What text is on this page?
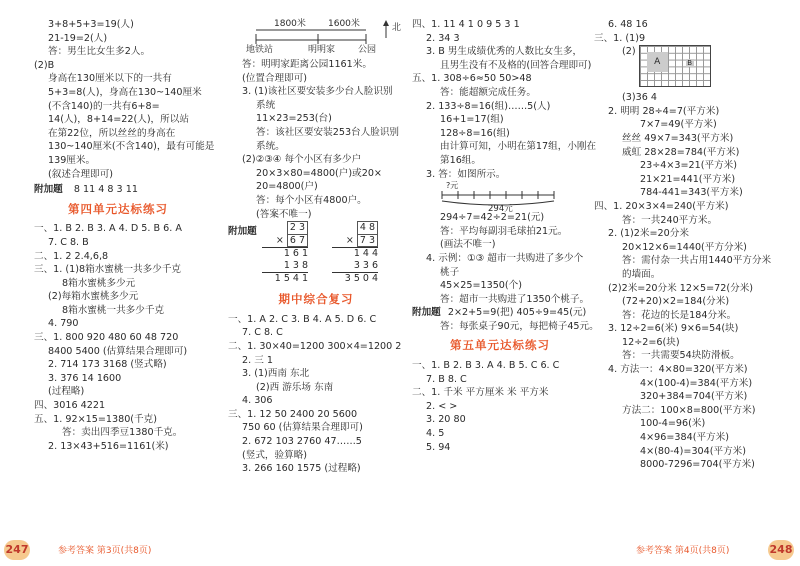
3+8+5+3=19(人)
21-19=2(人)
答：男生比女生多2人。
(2)B
身高在130厘米以下的一共有
5+3=8(人)，身高在130~140厘米
(不含140)的一共有6+8=
14(人)，8+14=22(人)，所以站
在第22位，所以丝丝的身高在
130~140厘米(不含140)，最有可能是
139厘米。
(叙述合理即可)
附加题 8 11 4 8 3 11
第四单元达标练习
一、1. B 2. B 3. A 4. D 5. B 6. A
7. C 8. B
二、1. 2 2.4,6,8
三、1. (1)8箱水蜜桃一共多少千克
8箱水蜜桃多少元
(2)每箱水蜜桃多少元
8箱水蜜桃一共多少千克
4. 790
三、1. 800 920 480 60 48 720
8400 5400 (估算结果合理即可)
2. 714 173 3168 (竖式略)
3. 376 14 1600
(过程略)
四、3016 4221
五、1. 92×15=1380(千克)
答：卖出四季豆1380千克。
2. 13×43+516=1161(米)
1800米 1600米	北
地铁站	明明家	公园
答：明明家距离公园1161米。
(位置合理即可)
3. (1)该社区要安装多少台人脸识别
系统
11×23=253(台)
答：该社区要安装253台人脸识别
系统。
(2)②③④ 每个小区有多少户
20×3×80=4800(户)或20×
20=4800(户)
答：每个小区有4800户。
(答案不唯一)
附加题	2 3
× 6 7
1 6 1
1 3 8
1 5 4 1
4 8
× 7 3
1 4 4
3 3 6
3 5 0 4
期中综合复习
一、1. A 2. C 3. B 4. A 5. D 6. C
7. C 8. C
二、1. 30×40=1200 300×4=1200 2
2. 三 1
3. (1)西南 东北
(2)西 游乐场 东南
4. 306
三、1. 12 50 2400 20 5600
750 60 (估算结果合理即可)
2. 672 103 2760 47……5
(竖式，验算略)
3. 266 160 1575 (过程略)
四、1. 11 4 1 0 9 5 3 1
2. 34 3
3. B 男生成绩优秀的人数比女生多，
且男生没有不及格的(回答合理即可)
五、1. 308÷6≈50 50>48
答：能超额完成任务。
2. 133÷8=16(组)……5(人)
16+1=17(组)
128÷8=16(组)
由计算可知，小明在第17组，小刚在
第16组。
3. 答：如图所示。
?元
294元
294÷7=42÷2=21(元)
答：平均每副羽毛球拍21元。
(画法不唯一)
4. 示例：①③ 超市一共购进了多少个
桃子
45×25=1350(个)
答：超市一共购进了1350个桃子。
附加题 2×2+5=9(把) 405÷9=45(元)
答：每张桌子90元，每把椅子45元。
第五单元达标练习
一、1. B 2. B 3. A 4. B 5. C 6. C
7. B 8. C
二、1. 千米 平方厘米 米 平方米
2. < >
3. 20 80
4. 5
5. 94
6. 48 16
三、1. (1)9
(2)
A	B
(3)36 4
2. 明明 28÷4=7(平方米)
7×7=49(平方米)
丝丝 49×7=343(平方米)
威虹 28×28=784(平方米)
23÷4×3=21(平方米)
21×21=441(平方米)
784-441=343(平方米)
四、1. 20×3×4=240(平方米)
答：一共240平方米。
2. (1)2米=20分米
20×12×6=1440(平方分米)
答：需付杂一共占用1440平方分米
的墙面。
(2)2米=20分米 12×5=72(分米)
(72+20)×2=184(分米)
答：花边的长是184分米。
3. 12÷2=6(米) 9×6=54(块)
12÷2=6(块)
答：一共需要54块防滑板。
4. 方法一：4×80=320(平方米)
4×(100-4)=384(平方米)
320+384=704(平方米)
方法二：100×8=800(平方米)
100-4=96(米)
4×96=384(平方米)
4×(80-4)=304(平方米)
8000-7296=704(平方米)
247	参考答案 第3页(共8页)	参考答案 第4页(共8页)	248
